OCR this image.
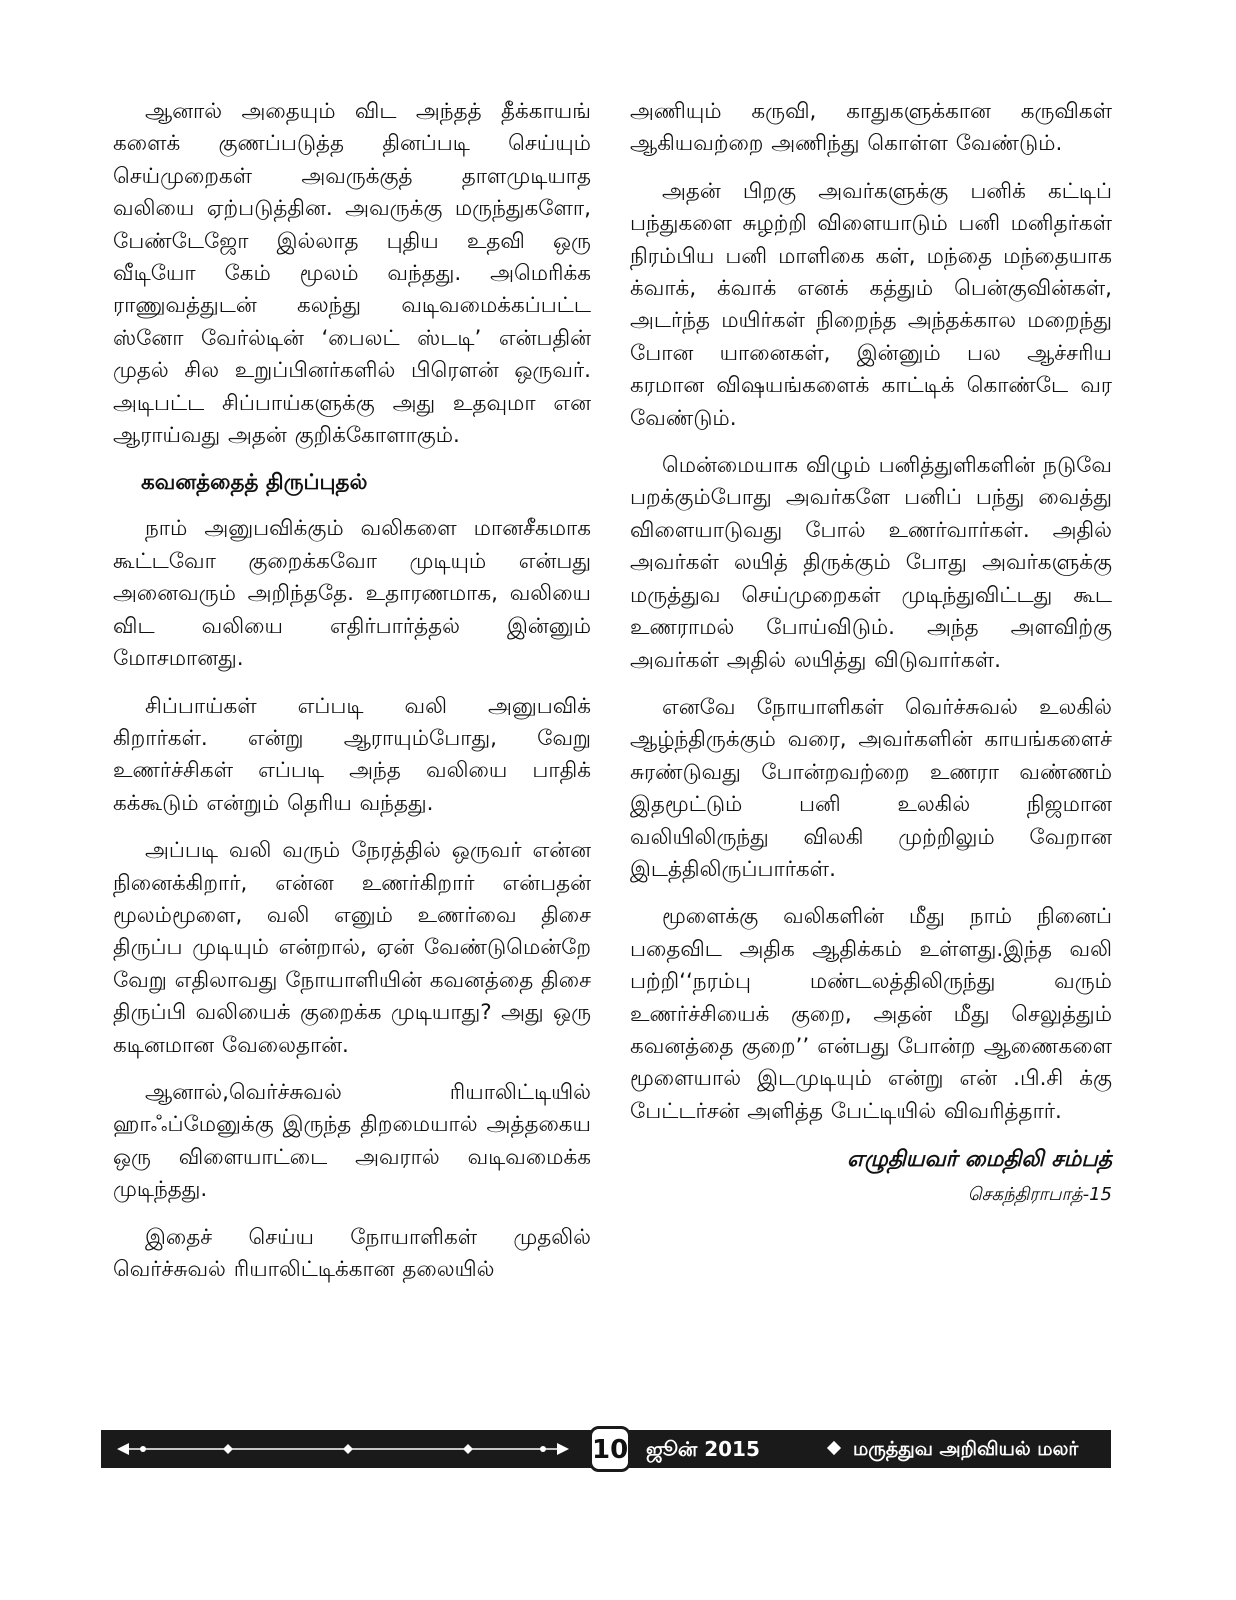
ஆனால் அதையும் விட அந்தத் தீக்காயங் களைக் குணப்படுத்த தினப்படி செய்யும் செய்முறைகள் அவருக்குத் தாளமுடியாத வலியை ஏற்படுத்தின. அவருக்கு மருந்துகளோ, பேண்டேஜோ இல்லாத புதிய உதவி ஒரு வீடியோ கேம் மூலம் வந்தது. அமெரிக்க ராணுவத்துடன் கலந்து வடிவமைக்கப்பட்ட ஸ்னோ வேர்ல்டின் ‘பைலட் ஸ்டடி’ என்பதின் முதல் சில உறுப்பினர்களில் பிரௌன் ஒருவர். அடிபட்ட சிப்பாய்களுக்கு அது உதவுமா என ஆராய்வது அதன் குறிக்கோளாகும்.

கவனத்தைத் திருப்புதல்

நாம் அனுபவிக்கும் வலிகளை மானசீகமாக கூட்டவோ குறைக்கவோ முடியும் என்பது அனைவரும் அறிந்ததே. உதாரணமாக, வலியை விட வலியை எதிர்பார்த்தல் இன்னும் மோசமானது.

சிப்பாய்கள் எப்படி வலி அனுபவிக் கிறார்கள். என்று ஆராயும்போது, வேறு உணர்ச்சிகள் எப்படி அந்த வலியை பாதிக் கக்கூடும் என்றும் தெரிய வந்தது.

அப்படி வலி வரும் நேரத்தில் ஒருவர் என்ன நினைக்கிறார், என்ன உணர்கிறார் என்பதன் மூலம்மூளை, வலி எனும் உணர்வை திசை திருப்ப முடியும் என்றால், ஏன் வேண்டுமென்றே வேறு எதிலாவது நோயாளியின் கவனத்தை திசை திருப்பி வலியைக் குறைக்க முடியாது? அது ஒரு கடினமான வேலைதான்.

ஆனால்,வெர்ச்சுவல் ரியாலிட்டியில் ஹாஃப்மேனுக்கு இருந்த திறமையால் அத்தகைய ஒரு விளையாட்டை அவரால் வடிவமைக்க முடிந்தது.

இதைச் செய்ய நோயாளிகள் முதலில் வெர்ச்சுவல் ரியாலிட்டிக்கான தலையில்

அணியும் கருவி, காதுகளுக்கான கருவிகள் ஆகியவற்றை அணிந்து கொள்ள வேண்டும்.

அதன் பிறகு அவர்களுக்கு பனிக் கட்டிப் பந்துகளை சுழற்றி விளையாடும் பனி மனிதர்கள் நிரம்பிய பனி மாளிகை கள், மந்தை மந்தையாக க்வாக், க்வாக் எனக் கத்தும் பென்குவின்கள், அடர்ந்த மயிர்கள் நிறைந்த அந்தக்கால மறைந்து போன யானைகள், இன்னும் பல ஆச்சரிய கரமான விஷயங்களைக் காட்டிக் கொண்டே வர வேண்டும்.

மென்மையாக விழும் பனித்துளிகளின் நடுவே பறக்கும்போது அவர்களே பனிப் பந்து வைத்து விளையாடுவது போல் உணர்வார்கள். அதில் அவர்கள் லயித் திருக்கும் போது அவர்களுக்கு மருத்துவ செய்முறைகள் முடிந்துவிட்டது கூட உணராமல் போய்விடும். அந்த அளவிற்கு அவர்கள் அதில் லயித்து விடுவார்கள்.

எனவே நோயாளிகள் வெர்ச்சுவல் உலகில் ஆழ்ந்திருக்கும் வரை, அவர்களின் காயங்களைச் சுரண்டுவது போன்றவற்றை உணரா வண்ணம் இதமூட்டும் பனி உலகில் நிஜமான வலியிலிருந்து விலகி முற்றிலும் வேறான இடத்திலிருப்பார்கள்.

மூளைக்கு வலிகளின் மீது நாம் நினைப் பதைவிட அதிக ஆதிக்கம் உள்ளது.இந்த வலி பற்றி‘‘நரம்பு மண்டலத்திலிருந்து வரும் உணர்ச்சியைக் குறை, அதன் மீது செலுத்தும் கவனத்தை குறை’’ என்பது போன்ற ஆணைகளை மூளையால் இடமுடியும் என்று என் .பி.சி க்கு பேட்டர்சன் அளித்த பேட்டியில் விவரித்தார்.

எழுதியவர் மைதிலி சம்பத்

செகந்திராபாத்-15

10 ஜூன் 2015	மருத்துவ அறிவியல் மலர்
